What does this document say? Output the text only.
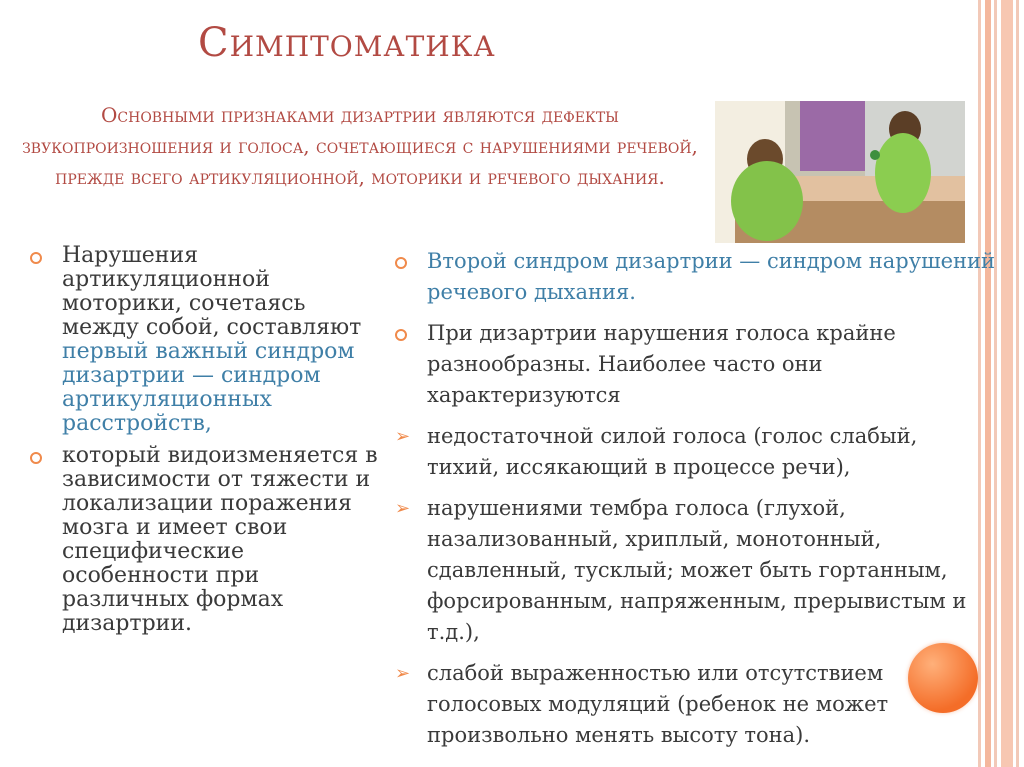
Симптоматика
Основными признаками дизартрии являются дефекты звукопроизношения и голоса, сочетающиеся с нарушениями речевой, прежде всего артикуляционной, моторики и речевого дыхания.
Нарушения артикуляционной моторики, сочетаясь между собой, составляют первый важный синдром дизартрии — синдром артикуляционных расстройств,
который видоизменяется в зависимости от тяжести и локализации поражения мозга и имеет свои специфические особенности при различных формах дизартрии.
Второй синдром дизартрии — синдром нарушений речевого дыхания.
При дизартрии нарушения голоса крайне разнообразны. Наиболее часто они характеризуются
➢ недостаточной силой голоса (голос слабый, тихий, иссякающий в процессе речи),
➢ нарушениями тембра голоса (глухой, назализованный, хриплый, монотонный, сдавленный, тусклый; может быть гортанным, форсированным, напряженным, прерывистым и т.д.),
➢ слабой выраженностью или отсутствием голосовых модуляций (ребенок не может произвольно менять высоту тона).
